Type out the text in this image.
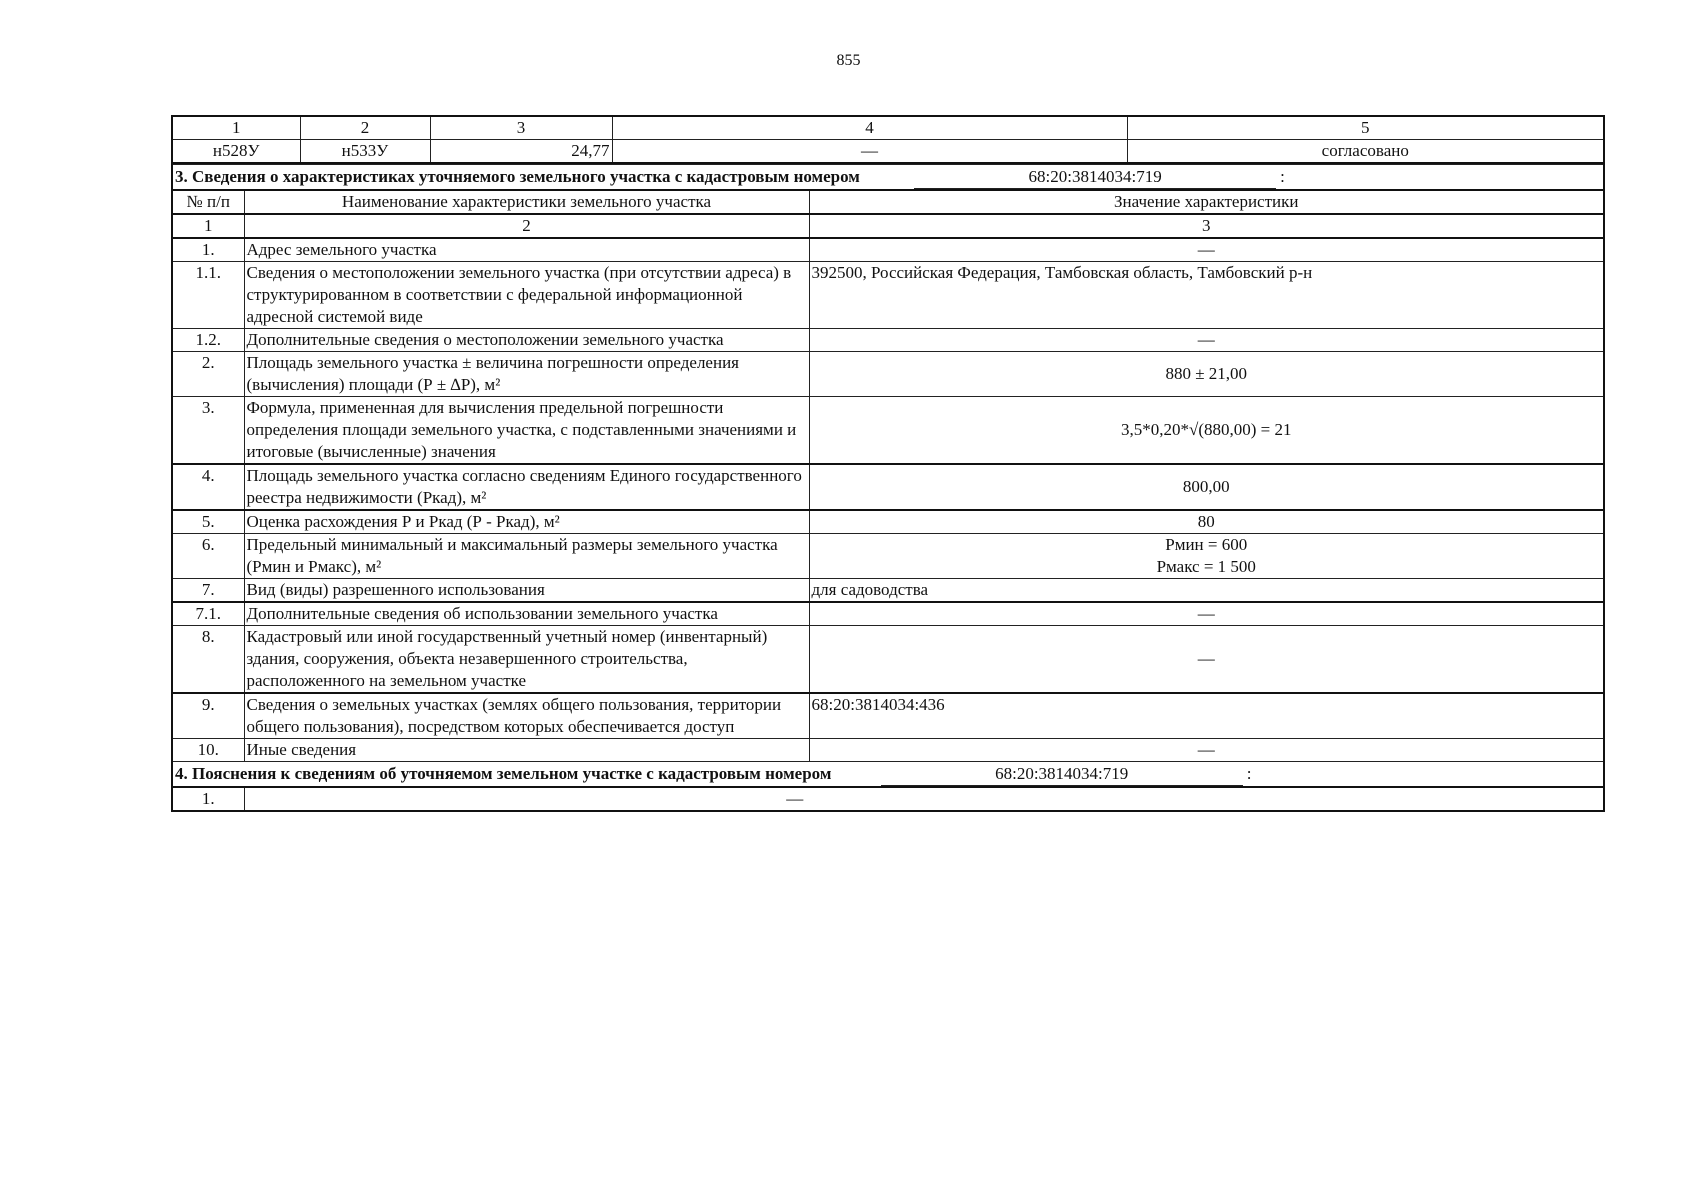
855
1	2	3	4	5
н528У	н533У	24,77	—	согласовано
3. Сведения о характеристиках уточняемого земельного участка с кадастровым номером 68:20:3814034:719 :		
№ п/п	Наименование характеристики земельного участка	Значение характеристики
1	2	3
1.	Адрес земельного участка	—
1.1.	Сведения о местоположении земельного участка (при отсутствии адреса) в структурированном в соответствии с федеральной информационной адресной системой виде	392500, Российская Федерация, Тамбовская область, Тамбовский р-н
1.2.	Дополнительные сведения о местоположении земельного участка	—
2.	Площадь земельного участка ± величина погрешности определения (вычисления) площади (Р ± ∆Р), м²	880 ± 21,00
3.	Формула, примененная для вычисления предельной погрешности определения площади земельного участка, с подставленными значениями и итоговые (вычисленные) значения	3,5*0,20*√(880,00) = 21
4.	Площадь земельного участка согласно сведениям Единого государственного реестра недвижимости (Ркад), м²	800,00
5.	Оценка расхождения Р и Ркад (Р - Ркад), м²	80
6.	Предельный минимальный и максимальный размеры земельного участка (Рмин и Рмакс), м²	Рмин = 600
Рмакс = 1 500

7.	Вид (виды) разрешенного использования	для садоводства
7.1.	Дополнительные сведения об использовании земельного участка	—
8.	Кадастровый или иной государственный учетный номер (инвентарный) здания, сооружения, объекта незавершенного строительства, расположенного на земельном участке	—
9.	Сведения о земельных участках (землях общего пользования, территории общего пользования), посредством которых обеспечивается доступ	68:20:3814034:436
10.	Иные сведения	—
4. Пояснения к сведениям об уточняемом земельном участке с кадастровым номером 68:20:3814034:719 :		
1.	—	
